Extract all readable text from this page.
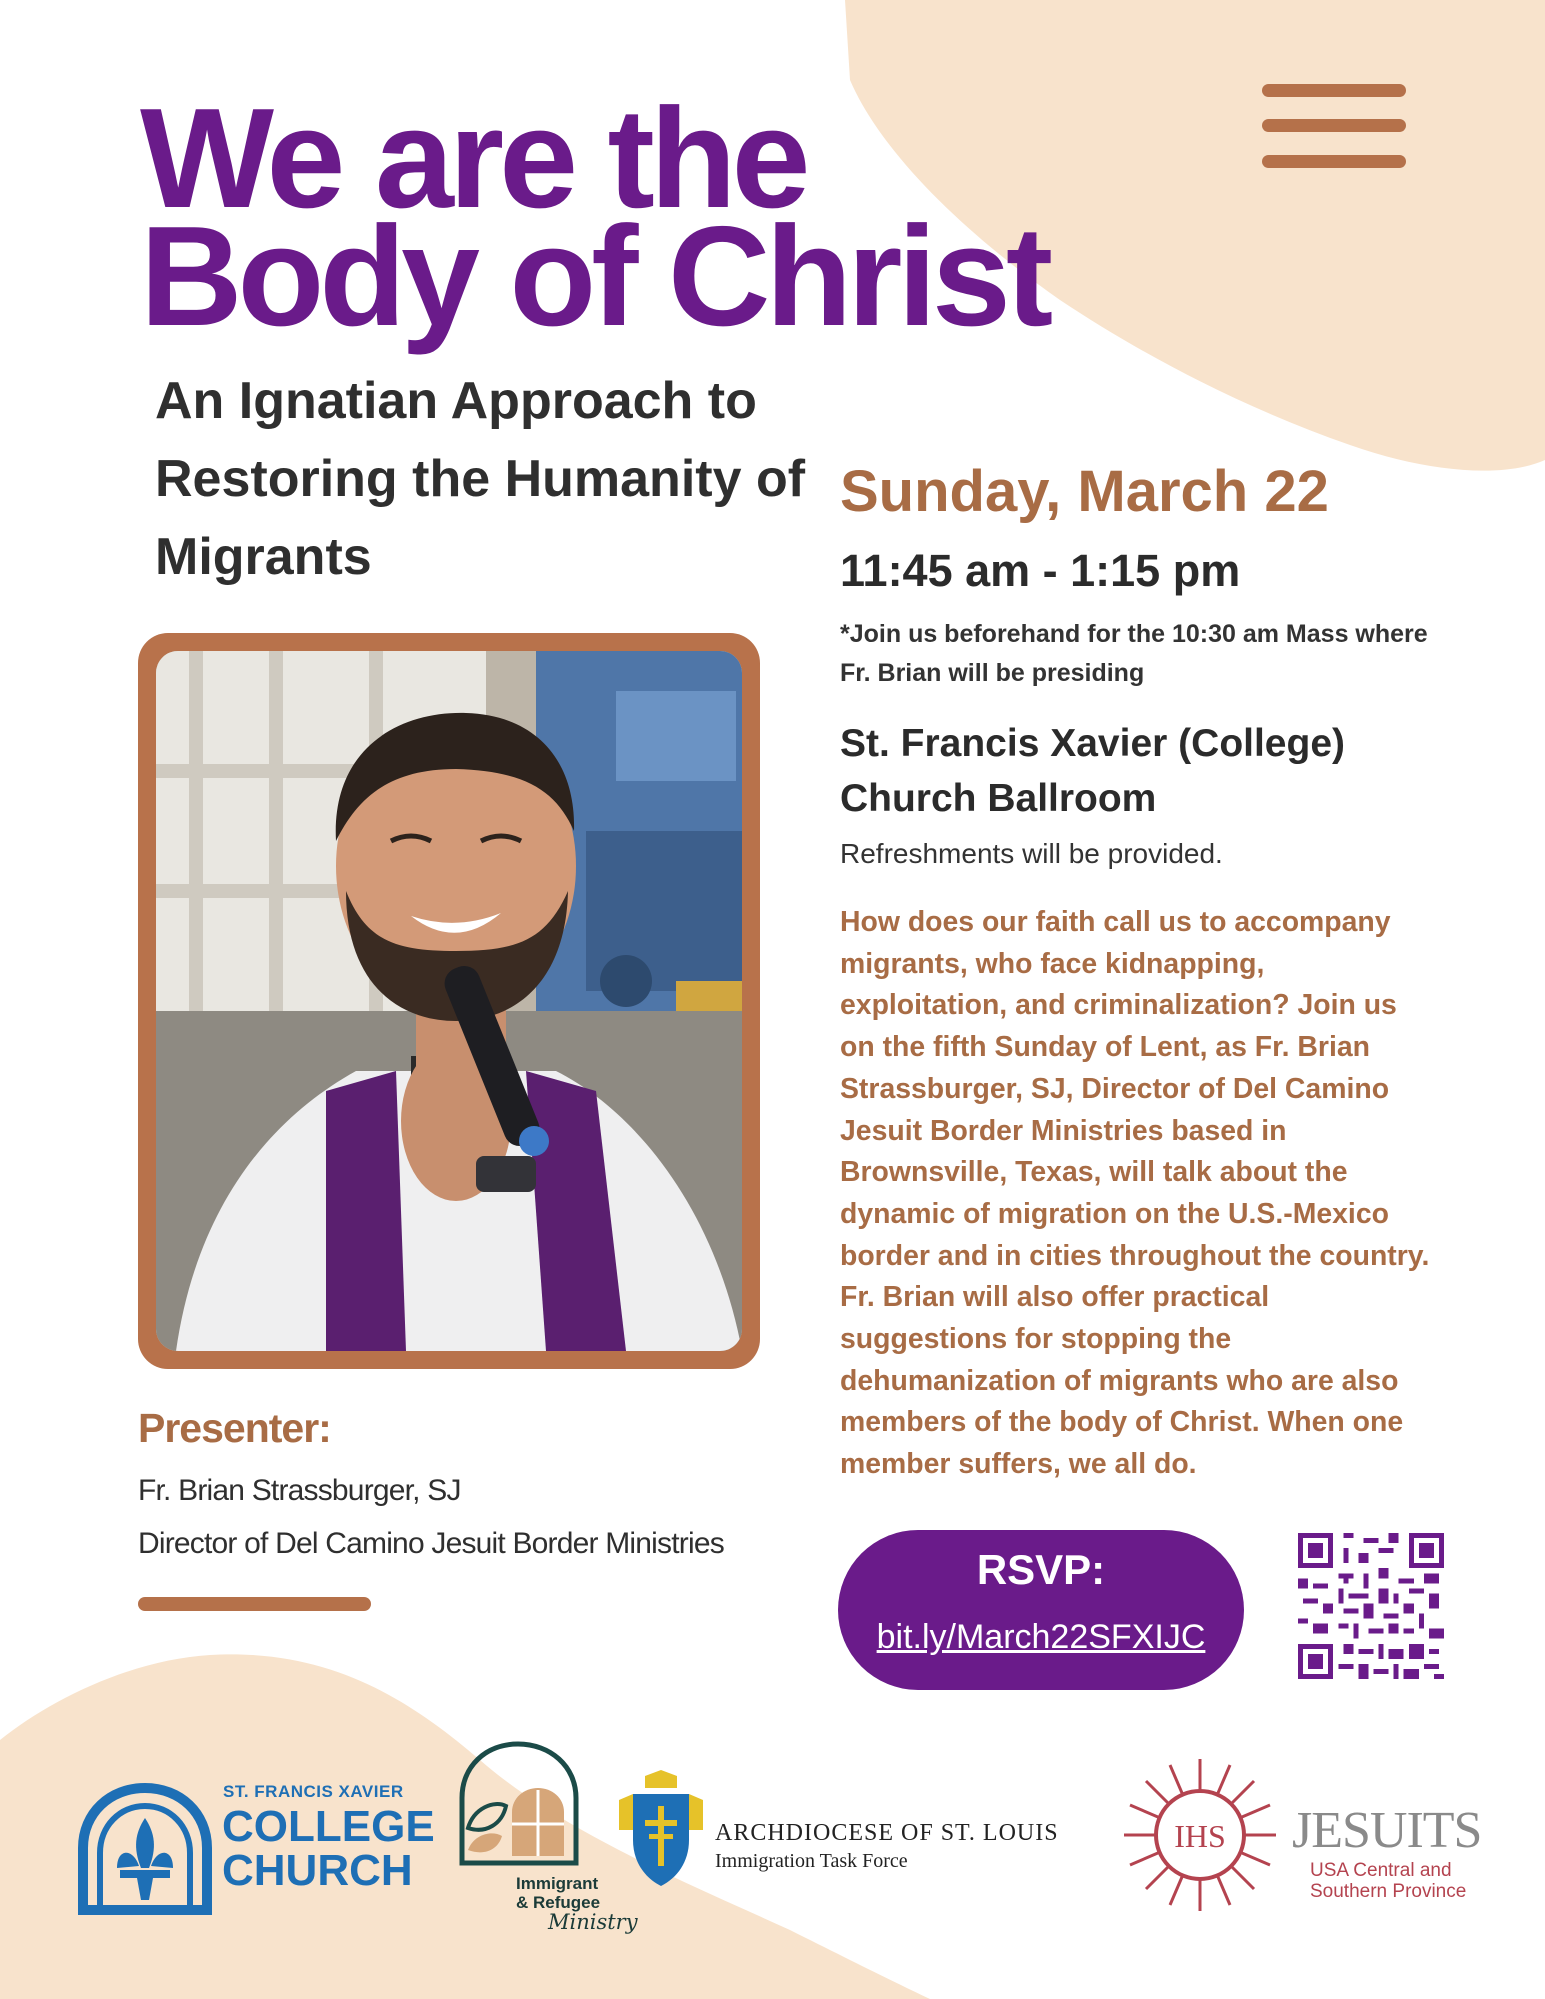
We are the
Body of Christ
An Ignatian Approach to Restoring the Humanity of Migrants

Sunday, March 22

11:45 am - 1:15 pm

*Join us beforehand for the 10:30 am Mass where Fr. Brian will be presiding

St. Francis Xavier (College)
Church Ballroom

Refreshments will be provided.

How does our faith call us to accompany migrants, who face kidnapping, exploitation, and criminalization? Join us on the fifth Sunday of Lent, as Fr. Brian Strassburger, SJ, Director of Del Camino Jesuit Border Ministries based in Brownsville, Texas, will talk about the dynamic of migration on the U.S.-Mexico border and in cities throughout the country. Fr. Brian will also offer practical suggestions for stopping the dehumanization of migrants who are also members of the body of Christ. When one member suffers, we all do.

Presenter:

Fr. Brian Strassburger, SJ

Director of Del Camino Jesuit Border Ministries

RSVP:

bit.ly/March22SFXIJC

ST. FRANCIS XAVIER

COLLEGE

CHURCH	Immigrant

& Refugee

Ministry

ARCHDIOCESE OF ST. LOUIS

Immigration Task Force

IHS JESUITS

USA Central and

Southern Province
